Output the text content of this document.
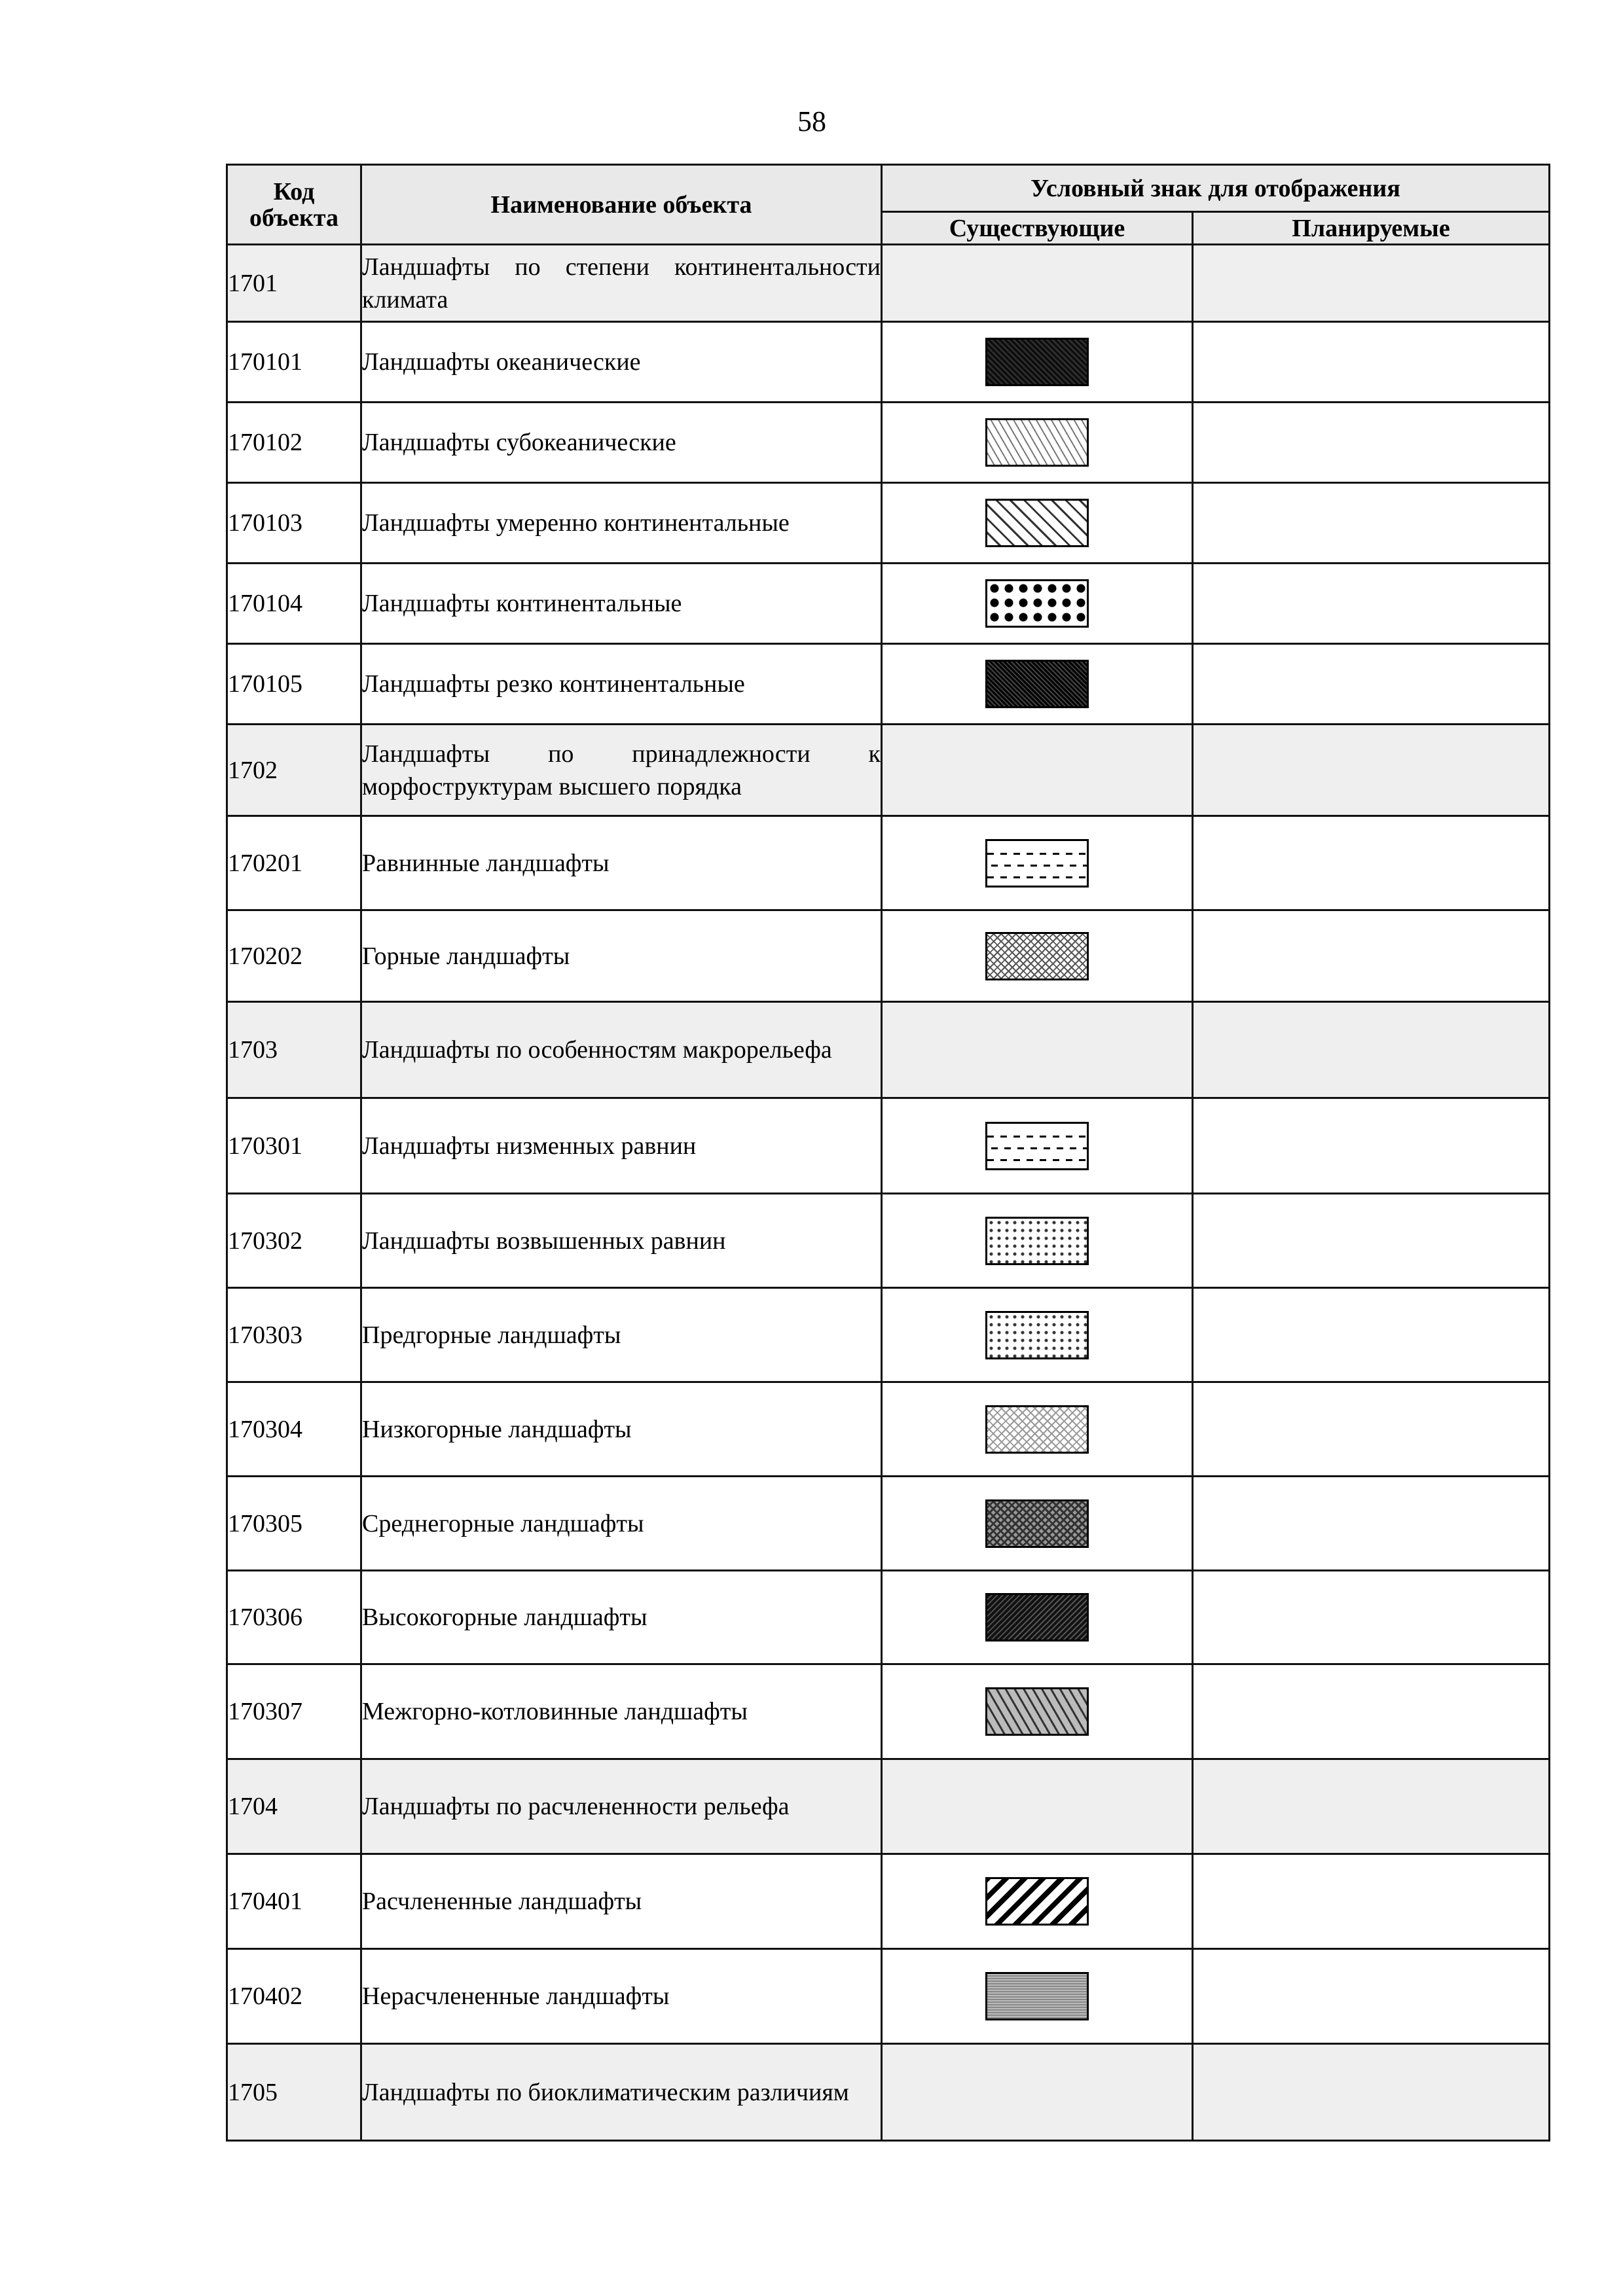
58
Код объекта	Наименование объекта	Условный знак для отображения	
		Существующие	Планируемые
1701	Ландшафты по степени континентальности климата		
170101	Ландшафты океанические		
170102	Ландшафты субокеанические		
170103	Ландшафты умеренно континентальные		
170104	Ландшафты континентальные		
170105	Ландшафты резко континентальные		
1702	Ландшафты по принадлежности к морфоструктурам высшего порядка		
170201	Равнинные ландшафты		
170202	Горные ландшафты		
1703	Ландшафты по особенностям макрорельефа		
170301	Ландшафты низменных равнин		
170302	Ландшафты возвышенных равнин		
170303	Предгорные ландшафты		
170304	Низкогорные ландшафты		
170305	Среднегорные ландшафты		
170306	Высокогорные ландшафты		
170307	Межгорно-котловинные ландшафты		
1704	Ландшафты по расчлененности рельефа		
170401	Расчлененные ландшафты		
170402	Нерасчлененные ландшафты		
1705	Ландшафты по биоклиматическим различиям		
